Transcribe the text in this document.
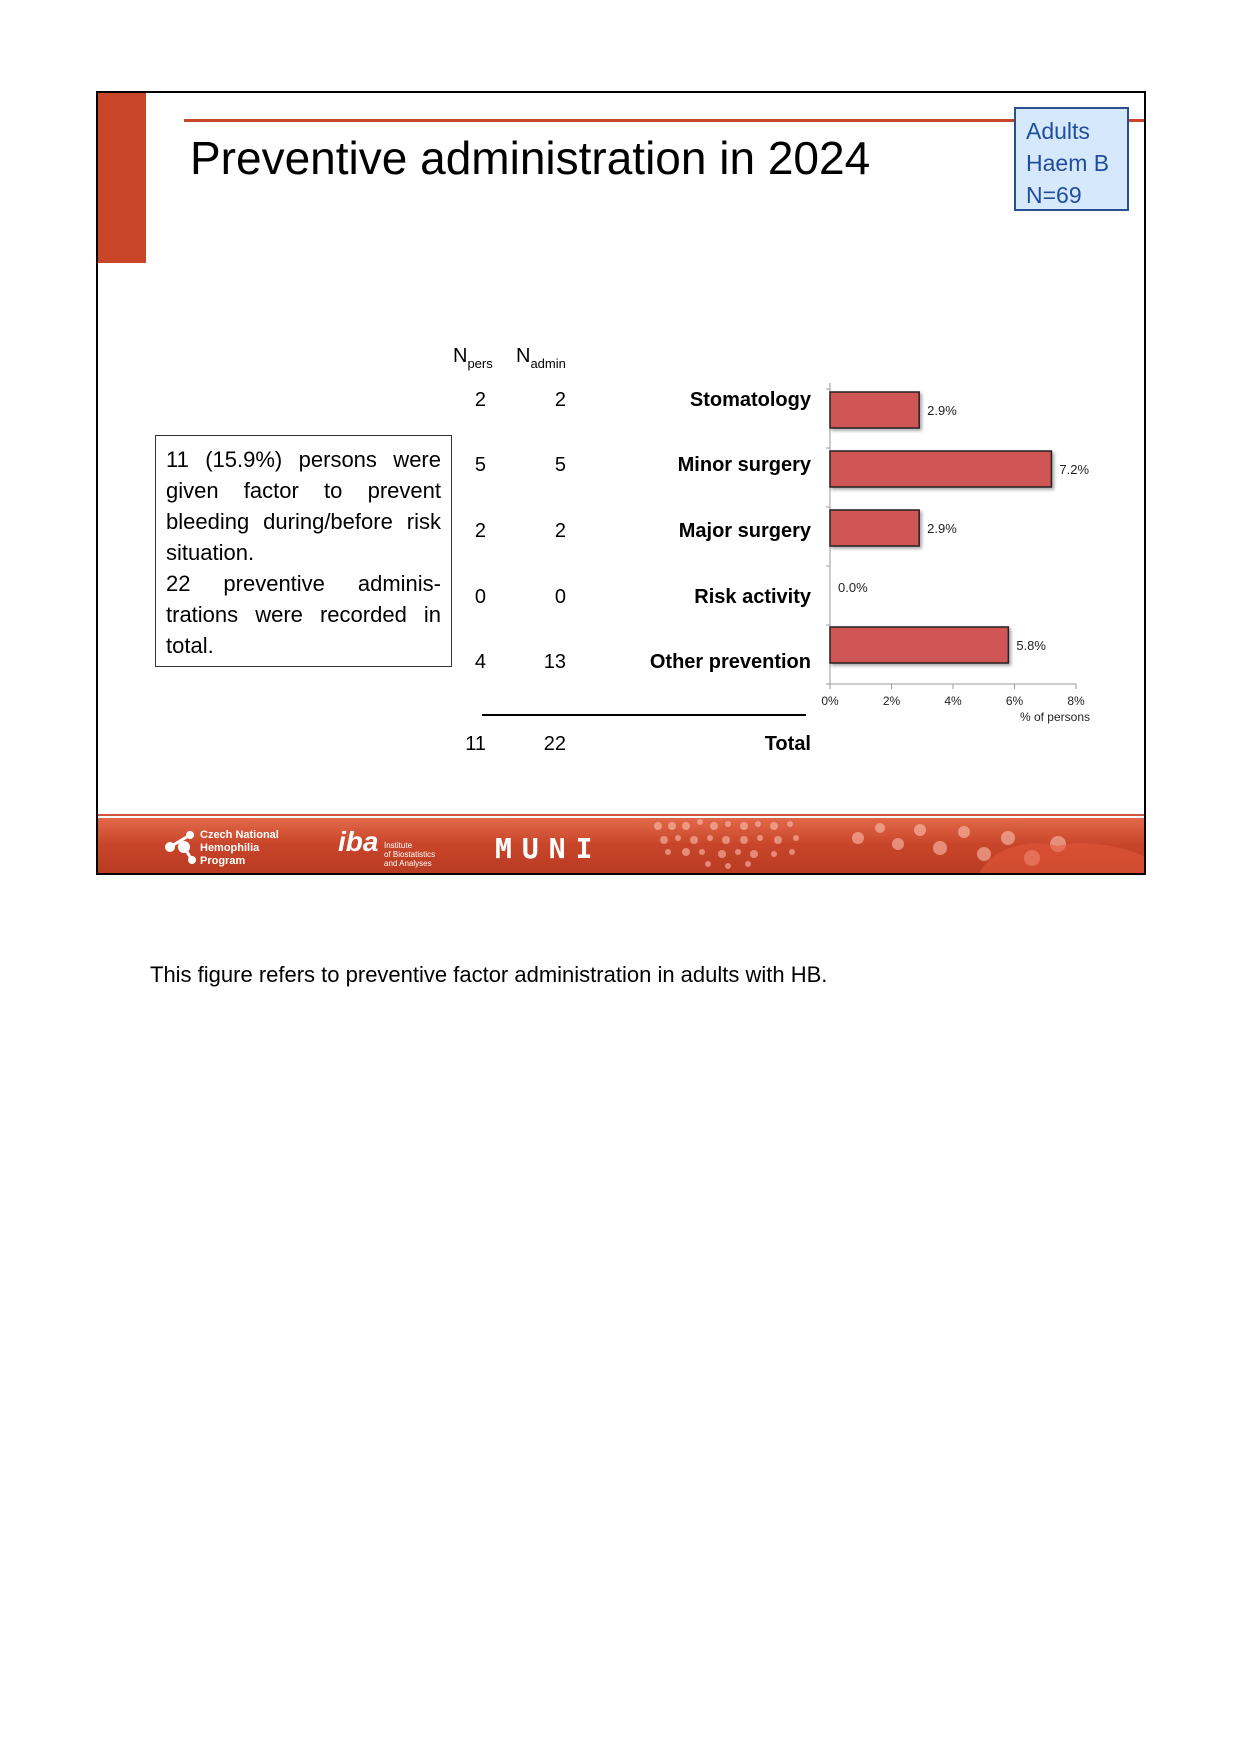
Preventive administration in 2024
Adults
Haem B
N=69
11 (15.9%) persons were given factor to prevent bleeding during/before risk situation.
22 preventive adminis-trations were recorded in total.
$N_{pers}$ $N_{admin}$
2	2	Stomatology
5	5	Minor surgery
2	2	Major surgery
0	0	Risk activity
4	13	Other prevention
11	22	Total
0%	2%	4%	6%	8%
% of persons
2.9%
7.2%
2.9%
0.0%
5.8%
Czech National
Hemophilia
Program
iba Institute
of Biostatistics
and Analyses MUNI
This figure refers to preventive factor administration in adults with HB.
